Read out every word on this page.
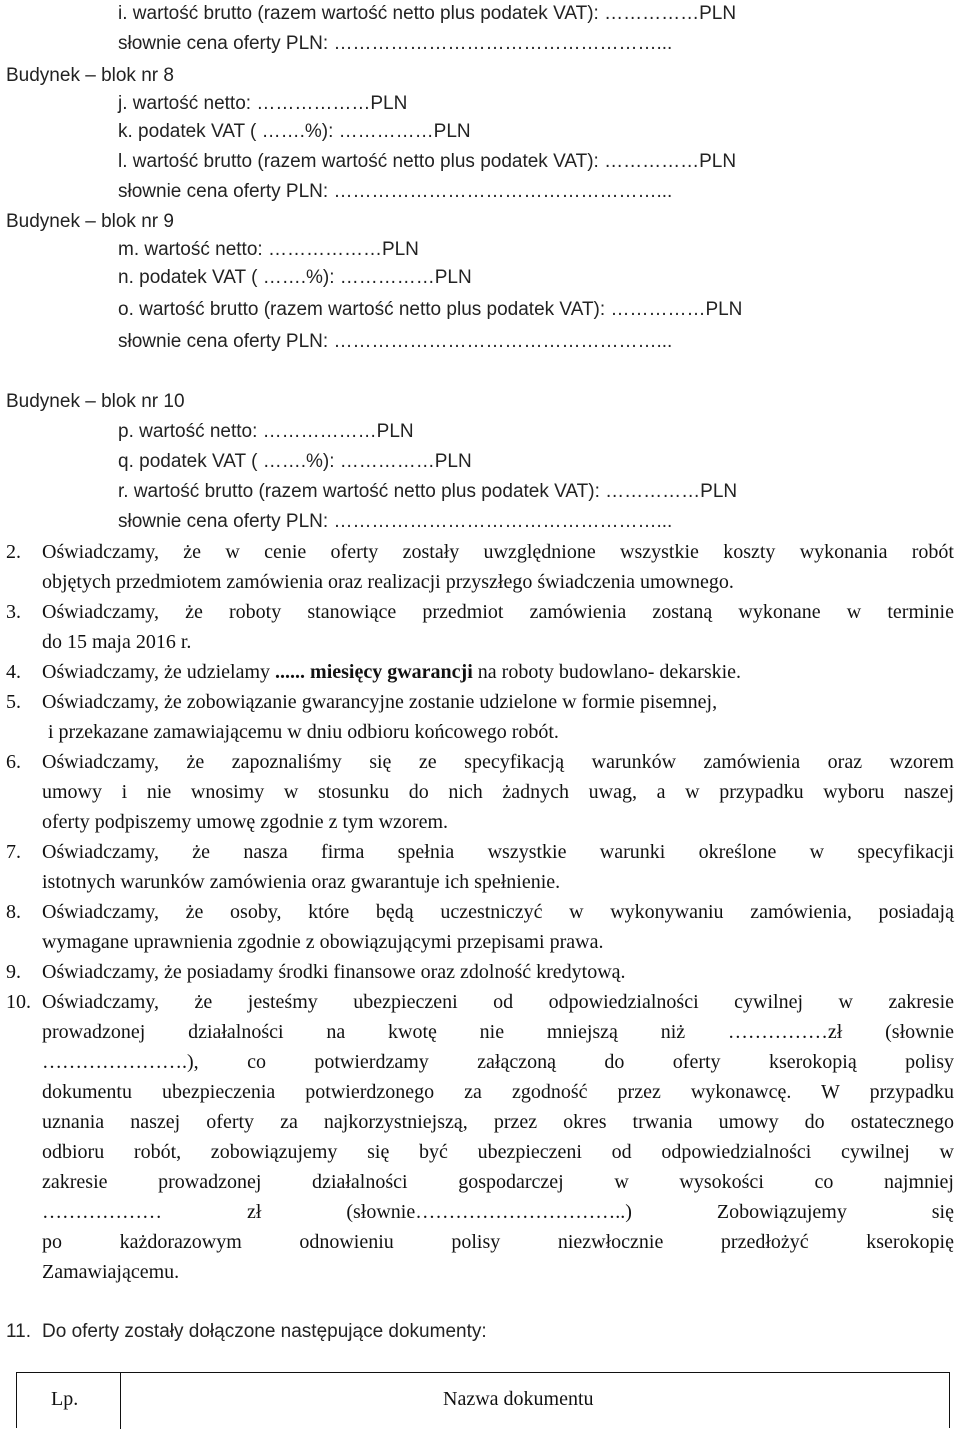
i. wartość brutto (razem wartość netto plus podatek VAT): ……………PLN
słownie cena oferty PLN: ……………………………………………...
Budynek – blok nr 8
j. wartość netto: ………………PLN
k. podatek VAT ( …….%): ……………PLN
l. wartość brutto (razem wartość netto plus podatek VAT): ……………PLN
słownie cena oferty PLN: ……………………………………………...
Budynek – blok nr 9
m. wartość netto: ………………PLN
n. podatek VAT ( …….%): ……………PLN
o. wartość brutto (razem wartość netto plus podatek VAT): ……………PLN
słownie cena oferty PLN: ……………………………………………...
Budynek – blok nr 10
p. wartość netto: ………………PLN
q. podatek VAT ( …….%): ……………PLN
r. wartość brutto (razem wartość netto plus podatek VAT): ……………PLN
słownie cena oferty PLN: ……………………………………………...
2.	Oświadczamy, że w cenie oferty zostały uwzględnione wszystkie koszty wykonania robót
objętych przedmiotem zamówienia oraz realizacji przyszłego świadczenia umownego.
3.	Oświadczamy, że roboty stanowiące przedmiot zamówienia zostaną wykonane w terminie
do 15 maja 2016 r.
4.	Oświadczamy, że udzielamy ...... miesięcy gwarancji na roboty budowlano- dekarskie.
5.	Oświadczamy, że zobowiązanie gwarancyjne zostanie udzielone w formie pisemnej,
i przekazane zamawiającemu w dniu odbioru końcowego robót.
6.	Oświadczamy, że zapoznaliśmy się ze specyfikacją warunków zamówienia oraz wzorem
umowy i nie wnosimy w stosunku do nich żadnych uwag, a w przypadku wyboru naszej
oferty podpiszemy umowę zgodnie z tym wzorem.
7.	Oświadczamy, że nasza firma spełnia wszystkie warunki określone w specyfikacji
istotnych warunków zamówienia oraz gwarantuje ich spełnienie.
8.	Oświadczamy, że osoby, które będą uczestniczyć w wykonywaniu zamówienia, posiadają
wymagane uprawnienia zgodnie z obowiązującymi przepisami prawa.
9.	Oświadczamy, że posiadamy środki finansowe oraz zdolność kredytową.
10. Oświadczamy, że jesteśmy ubezpieczeni od odpowiedzialności cywilnej w zakresie
prowadzonej działalności na kwotę nie mniejszą niż ……………zł (słownie
………………….), co potwierdzamy załączoną do oferty kserokopią polisy
dokumentu ubezpieczenia potwierdzonego za zgodność przez wykonawcę. W przypadku
uznania naszej oferty za najkorzystniejszą, przez okres trwania umowy do ostatecznego
odbioru robót, zobowiązujemy się być ubezpieczeni od odpowiedzialności cywilnej w
zakresie prowadzonej działalności gospodarczej w wysokości co najmniej
……………… zł (słownie…………………………..) Zobowiązujemy się
po każdorazowym odnowieniu polisy niezwłocznie przedłożyć kserokopię
Zamawiającemu.
11. Do oferty zostały dołączone następujące dokumenty:
Lp.	Nazwa dokumentu
